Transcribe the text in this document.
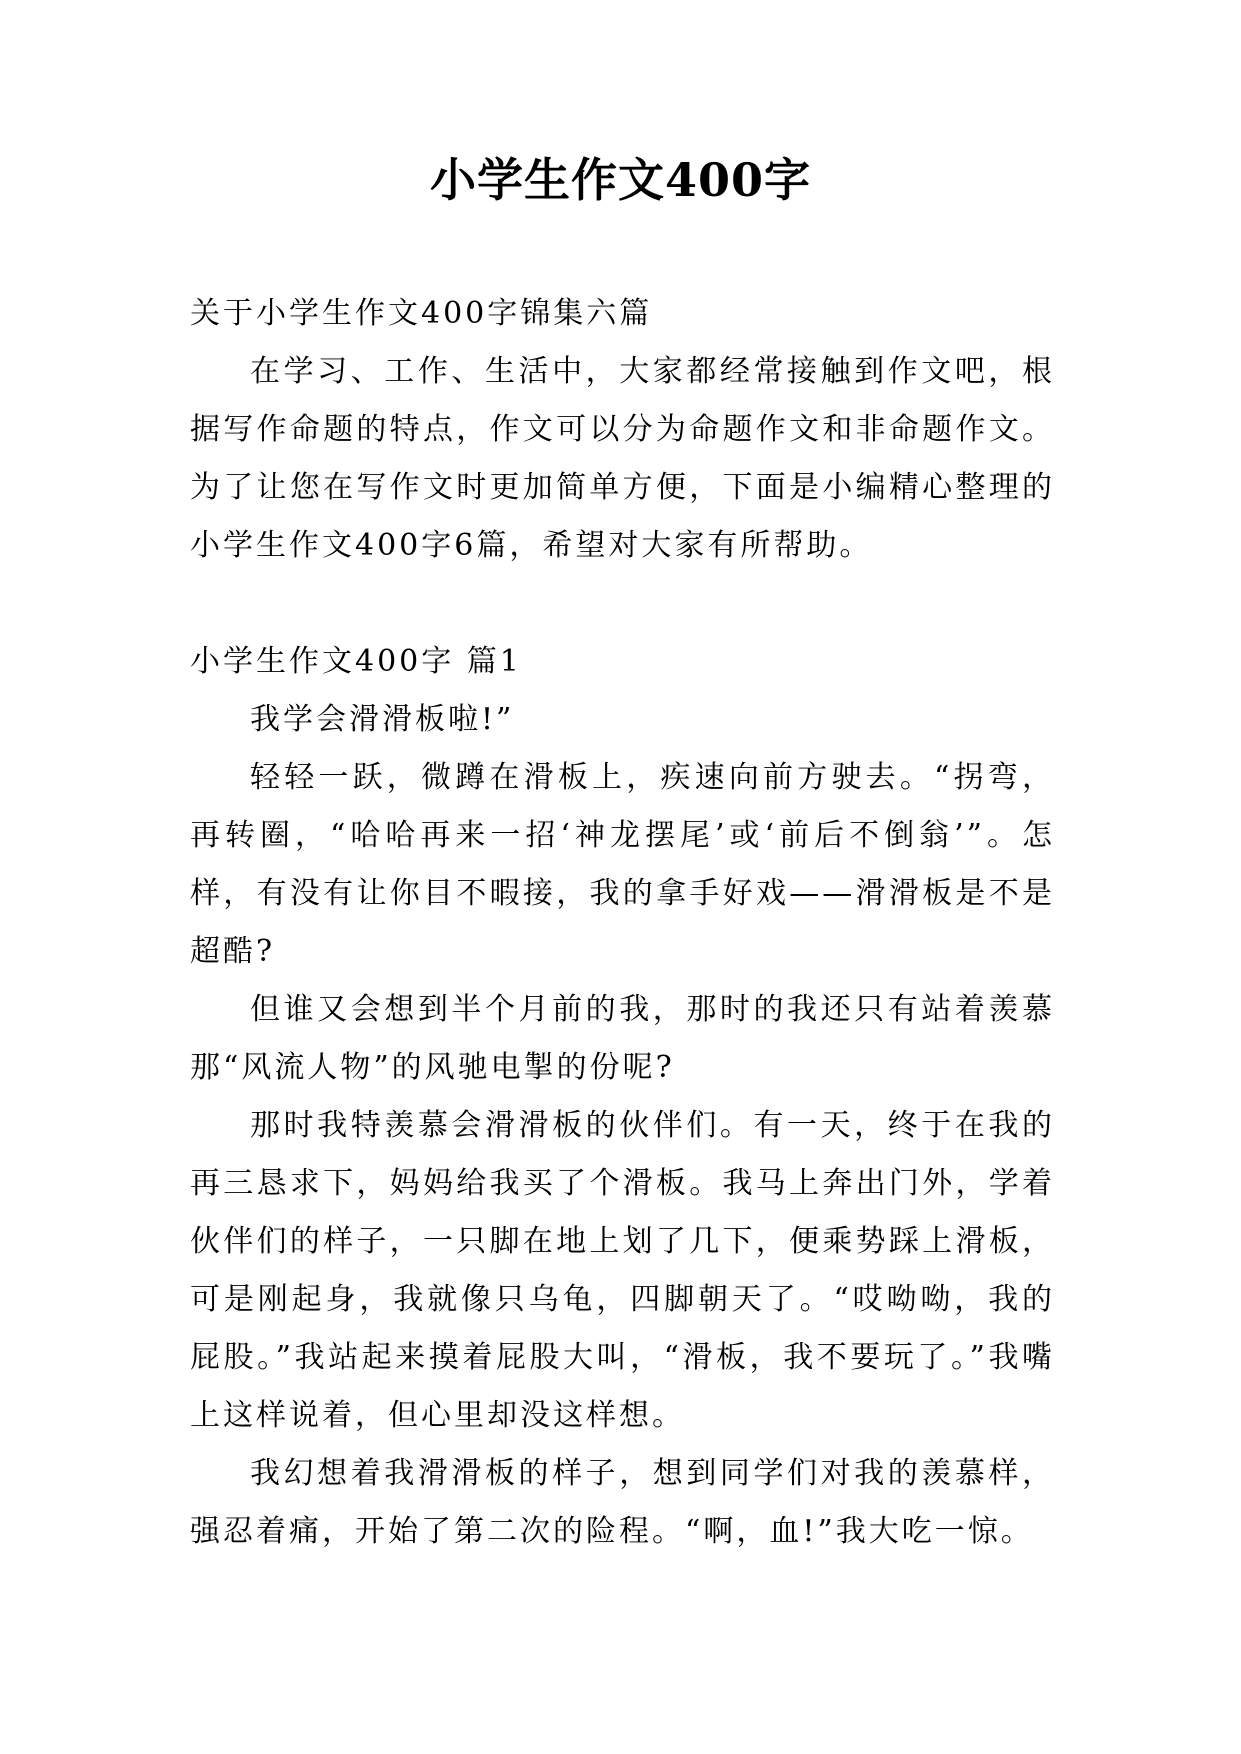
小学生作文400字

关于小学生作文400字锦集六篇

在学习、工作、生活中，大家都经常接触到作文吧，根据写作命题的特点，作文可以分为命题作文和非命题作文。为了让您在写作文时更加简单方便，下面是小编精心整理的小学生作文400字6篇，希望对大家有所帮助。

小学生作文400字 篇1

我学会滑滑板啦!”

轻轻一跃，微蹲在滑板上，疾速向前方驶去。“拐弯，再转圈，“哈哈再来一招‘神龙摆尾’或‘前后不倒翁’”。怎样，有没有让你目不暇接，我的拿手好戏——滑滑板是不是超酷?

但谁又会想到半个月前的我，那时的我还只有站着羡慕那“风流人物”的风驰电掣的份呢?

那时我特羡慕会滑滑板的伙伴们。有一天，终于在我的再三恳求下，妈妈给我买了个滑板。我马上奔出门外，学着伙伴们的样子，一只脚在地上划了几下，便乘势踩上滑板，可是刚起身，我就像只乌龟，四脚朝天了。“哎呦呦，我的屁股。”我站起来摸着屁股大叫，“滑板，我不要玩了。”我嘴上这样说着，但心里却没这样想。

我幻想着我滑滑板的样子，想到同学们对我的羡慕样，强忍着痛，开始了第二次的险程。“啊，血!”我大吃一惊。
